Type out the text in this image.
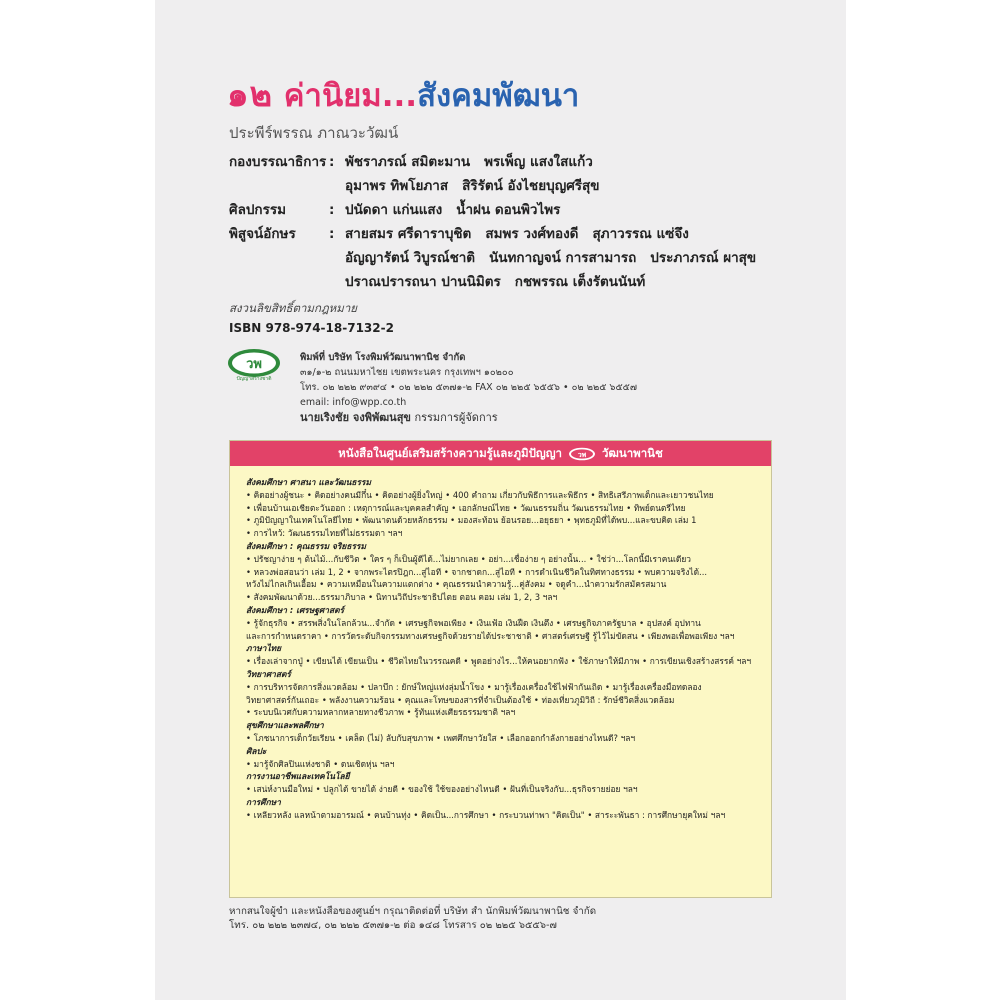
๑๒ ค่านิยม...สังคมพัฒนา
ประพีร์พรรณ ภาณวะวัฒน์
กองบรรณาธิการ : พัชราภรณ์ สมิตะมาน พรเพ็ญ แสงใสแก้ว
อุมาพร ทิพโยภาส สิริรัตน์ อังไชยบุญศรีสุข
ศิลปกรรม	: ปนัดดา แก่นแสง น้ำฝน ดอนพิวไพร
พิสูจน์อักษร	: สายสมร ศรีดาราบุชิต สมพร วงศ์ทองดี สุภาวรรณ แซ่จึง
อัญญารัตน์ วิบูรณ์ชาติ นันทกาญจน์ การสามารถ ประภาภรณ์ ผาสุข
ปราณปรารถนา ปานนิมิตร กชพรรณ เต็งรัตนนันท์
สงวนลิขสิทธิ์ตามกฎหมาย
ISBN 978-974-18-7132-2
วพ
ปัญญาสร้างชาติ
พิมพ์ที่ บริษัท โรงพิมพ์วัฒนาพานิช จำกัด
๓๑/๑-๒ ถนนมหาไชย เขตพระนคร กรุงเทพฯ ๑๐๒๐๐
โทร. ๐๒ ๒๒๒ ๙๓๙๔ • ๐๒ ๒๒๒ ๕๓๗๑-๒ FAX ๐๒ ๒๒๕ ๖๕๕๖ • ๐๒ ๒๒๕ ๖๕๕๗
email: info@wpp.co.th
นายเริงชัย จงพิพัฒนสุข กรรมการผู้จัดการ
หนังสือในศูนย์เสริมสร้างความรู้และภูมิปัญญา วพ วัฒนาพานิช
สังคมศึกษา ศาสนา และวัฒนธรรม
• คิดอย่างผู้ชนะ • คิดอย่างคนมีกึ๋น • คิดอย่างผู้ยิ่งใหญ่ • 400 คำถาม เกี่ยวกับพิธีการและพิธีกร • สิทธิเสรีภาพเด็กและเยาวชนไทย
• เพื่อนบ้านเอเชียตะวันออก : เหตุการณ์และบุคคลสำคัญ • เอกลักษณ์ไทย • วัฒนธรรมถิ่น วัฒนธรรมไทย • ทิพย์ดนตรีไทย
• ภูมิปัญญาในเทคโนโลยีไทย • พัฒนาตนด้วยหลักธรรม • มองสะท้อน ย้อนรอย...อยุธยา • พุทธภูมิที่ได้พบ...และขบคิด เล่ม 1
• การไหว้: วัฒนธรรมไทยที่ไม่ธรรมดา ฯลฯ
สังคมศึกษา : คุณธรรม จริยธรรม
• ปรัชญาง่าย ๆ ต้นไม้...กับชีวิต • ใคร ๆ ก็เป็นผู้ดีได้...ไม่ยากเลย • อย่า...เชื่อง่าย ๆ อย่างนั้น... • ใช่ว่า...โลกนี้มีเราคนเดียว
• หลวงพ่อสอนว่า เล่ม 1, 2 • จากพระไตรปิฎก...สู่ไอที • จากชาดก...สู่ไอที • การดำเนินชีวิตในทิศทางธรรม • พบความจริงได้...
หวังไม่ไกลเกินเอื้อม • ความเหมือนในความแตกต่าง • คุณธรรมนำความรู้...คู่สังคม • จดูคำ...นำความรักสมัครสมาน
• สังคมพัฒนาด้วย...ธรรมาภิบาล • นิทานวิถีประชาธิปไตย ตอน คอม เล่ม 1, 2, 3 ฯลฯ
สังคมศึกษา : เศรษฐศาสตร์
• รู้จักธุรกิจ • สรรพสิ่งในโลกล้วน...จำกัด • เศรษฐกิจพอเพียง • เงินเฟ้อ เงินฝืด เงินตึง • เศรษฐกิจภาครัฐบาล • อุปสงค์ อุปทาน
และการกำหนดราคา • การวัดระดับกิจกรรมทางเศรษฐกิจด้วยรายได้ประชาชาติ • ศาสตร์เศรษฐี รู้ไว้ไม่ขัดสน • เพียงพอเพื่อพอเพียง ฯลฯ
ภาษาไทย
• เรื่องเล่าจากปู่ • เขียนได้ เขียนเป็น • ชีวิตไทยในวรรณคดี • พูดอย่างไร...ให้คนอยากฟัง • ใช้ภาษาให้มีภาพ • การเขียนเชิงสร้างสรรค์ ฯลฯ
วิทยาศาสตร์
• การบริหารจัดการสิ่งแวดล้อม • ปลาบึก : ยักษ์ใหญ่แห่งลุ่มน้ำโขง • มารู้เรื่องเครื่องใช้ไฟฟ้ากันเถิด • มารู้เรื่องเครื่องมือทดลอง
วิทยาศาสตร์กันเถอะ • พลังงานความร้อน • คุณและโทษของสารที่จำเป็นต้องใช้ • ท่องเที่ยวภูมิวิถี : รักษ์ชีวิตสิ่งแวดล้อม
• ระบบนิเวศกับความหลากหลายทางชีวภาพ • รู้ทันแห่งเศียรธรรมชาติ ฯลฯ
สุขศึกษาและพลศึกษา
• โภชนาการเด็กวัยเรียน • เคล็ด (ไม่) ลับกับสุขภาพ • เพศศึกษาวัยใส • เลือกออกกำลังกายอย่างไหนดี? ฯลฯ
ศิลปะ
• มารู้จักศิลปินแห่งชาติ • ดนเชิดหุ่น ฯลฯ
การงานอาชีพและเทคโนโลยี
• เสน่ห์งานมือใหม่ • ปลูกได้ ขายได้ ง่ายดี • ของใช้ ใช้ของอย่างไหนดี • ฝันที่เป็นจริงกับ...ธุรกิจรายย่อย ฯลฯ
การศึกษา
• เหลียวหลัง แลหน้าตามอารมณ์ • คนบ้านทุ่ง • คิดเป็น...การศึกษา • กระบวนท่าพา "คิดเป็น" • สาระะพันธา : การศึกษายุคใหม่ ฯลฯ
หากสนใจผู้ขำ และหนังสือของศูนย์ฯ กรุณาติดต่อที่ บริษัท สำ นักพิมพ์วัฒนาพานิช จำกัด
โทร. ๐๒ ๒๒๒ ๒๓๗๔, ๐๒ ๒๒๒ ๕๓๗๑-๒ ต่อ ๑๔๘ โทรสาร ๐๒ ๒๒๕ ๖๕๕๖-๗
